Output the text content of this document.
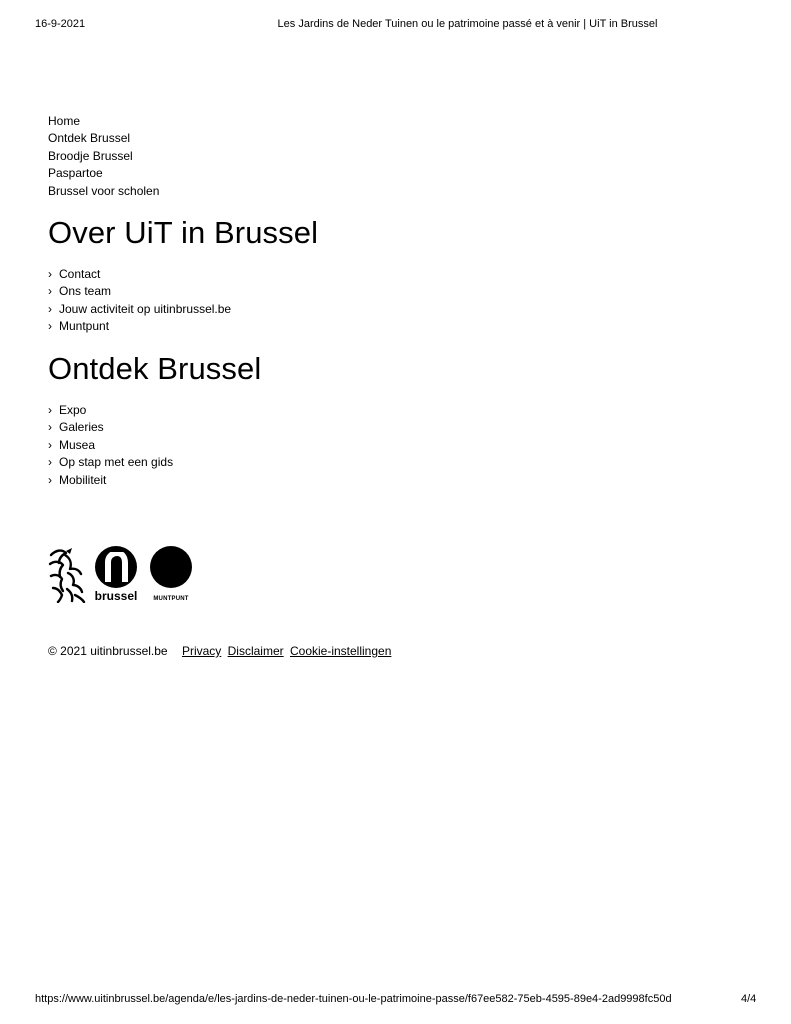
16-9-2021	Les Jardins de Neder Tuinen ou le patrimoine passé et à venir | UiT in Brussel
Home
Ontdek Brussel
Broodje Brussel
Paspartoe
Brussel voor scholen
Over UiT in Brussel
› Contact
› Ons team
› Jouw activiteit op uitinbrussel.be
› Muntpunt
Ontdek Brussel
› Expo
› Galeries
› Musea
› Op stap met een gids
› Mobiliteit
brussel	MUNTPUNT
© 2021 uitinbrussel.be Privacy Disclaimer Cookie-instellingen
https://www.uitinbrussel.be/agenda/e/les-jardins-de-neder-tuinen-ou-le-patrimoine-passe/f67ee582-75eb-4595-89e4-2ad9998fc50d	4/4
